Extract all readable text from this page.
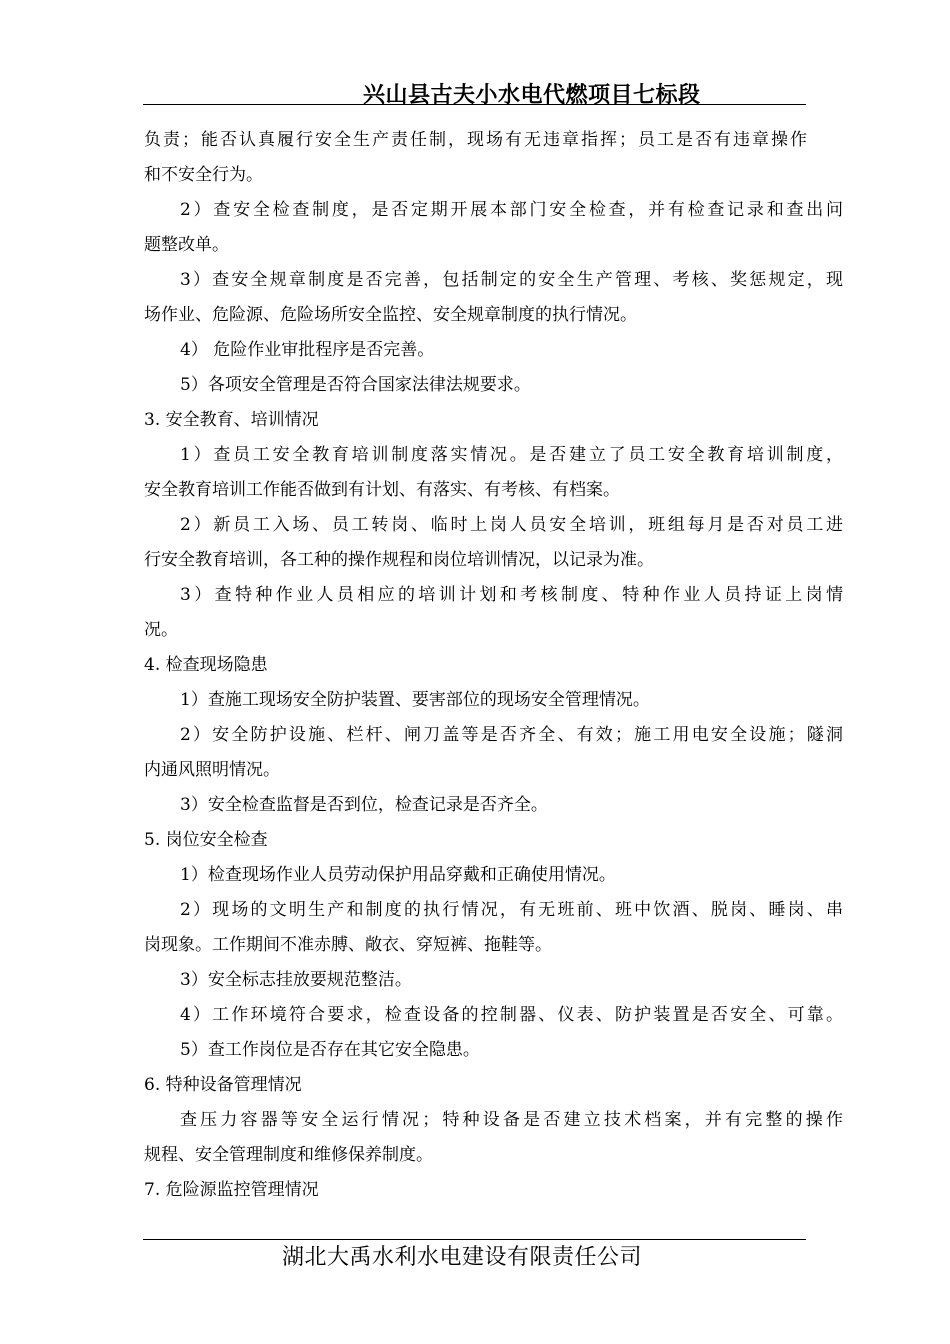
兴山县古夫小水电代燃项目七标段
负责；能否认真履行安全生产责任制，现场有无违章指挥；员工是否有违章操作
和不安全行为。
2）查安全检查制度，是否定期开展本部门安全检查，并有检查记录和查出问
题整改单。
3）查安全规章制度是否完善，包括制定的安全生产管理、考核、奖惩规定，现
场作业、危险源、危险场所安全监控、安全规章制度的执行情况。
4） 危险作业审批程序是否完善。
5）各项安全管理是否符合国家法律法规要求。
3. 安全教育、培训情况
1）查员工安全教育培训制度落实情况。是否建立了员工安全教育培训制度，
安全教育培训工作能否做到有计划、有落实、有考核、有档案。
2）新员工入场、员工转岗、临时上岗人员安全培训，班组每月是否对员工进
行安全教育培训，各工种的操作规程和岗位培训情况，以记录为准。
3）查特种作业人员相应的培训计划和考核制度、特种作业人员持证上岗情
况。
4. 检查现场隐患
1）查施工现场安全防护装置、要害部位的现场安全管理情况。
2）安全防护设施、栏杆、闸刀盖等是否齐全、有效；施工用电安全设施；隧洞
内通风照明情况。
3）安全检查监督是否到位，检查记录是否齐全。
5. 岗位安全检查
1）检查现场作业人员劳动保护用品穿戴和正确使用情况。
2）现场的文明生产和制度的执行情况，有无班前、班中饮酒、脱岗、睡岗、串
岗现象。工作期间不准赤膊、敞衣、穿短裤、拖鞋等。
3）安全标志挂放要规范整洁。
4）工作环境符合要求，检查设备的控制器、仪表、防护装置是否安全、可靠。
5）查工作岗位是否存在其它安全隐患。
6. 特种设备管理情况
查压力容器等安全运行情况；特种设备是否建立技术档案，并有完整的操作
规程、安全管理制度和维修保养制度。
7. 危险源监控管理情况
湖北大禹水利水电建设有限责任公司
